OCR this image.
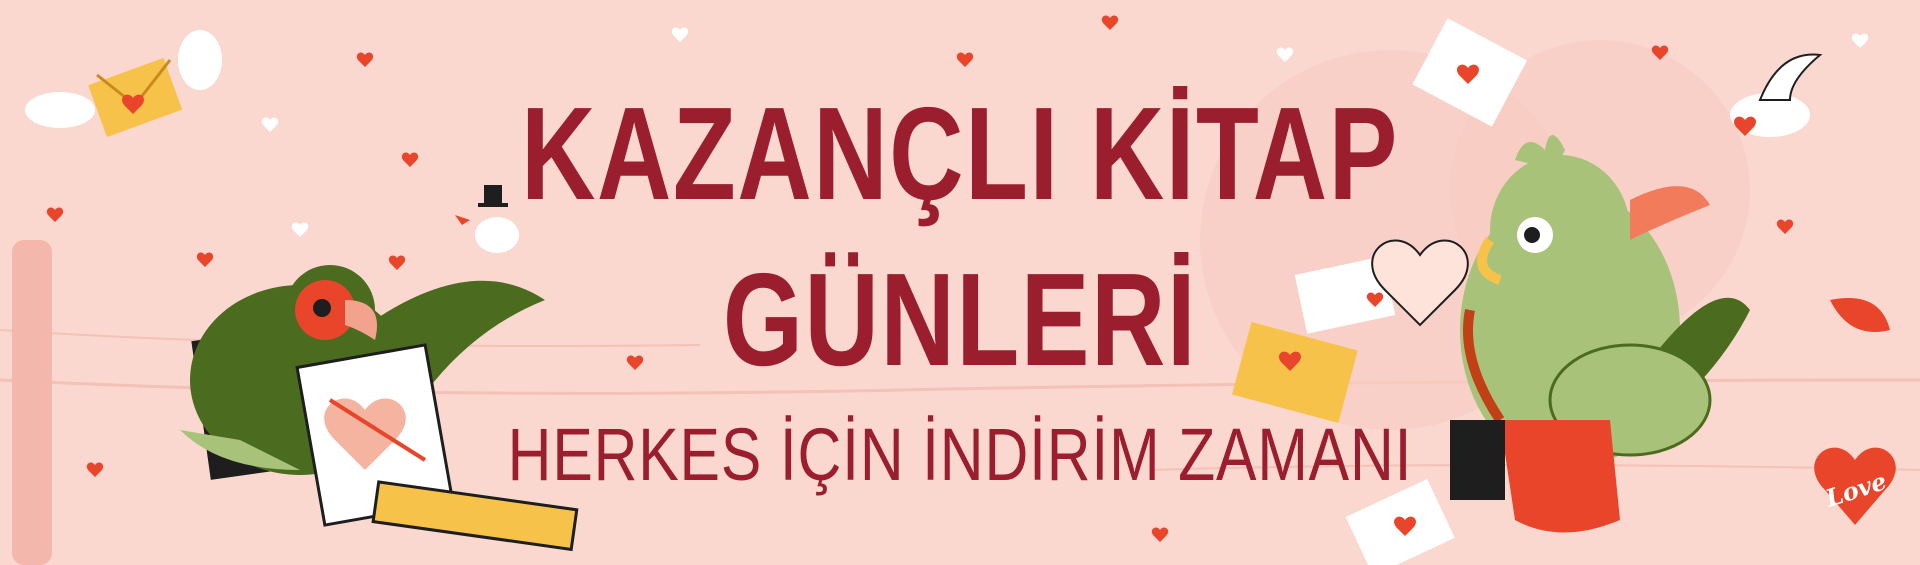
Love
KAZANÇLI KİTAP
GÜNLERİ
HERKES İÇİN İNDİRİM ZAMANI
